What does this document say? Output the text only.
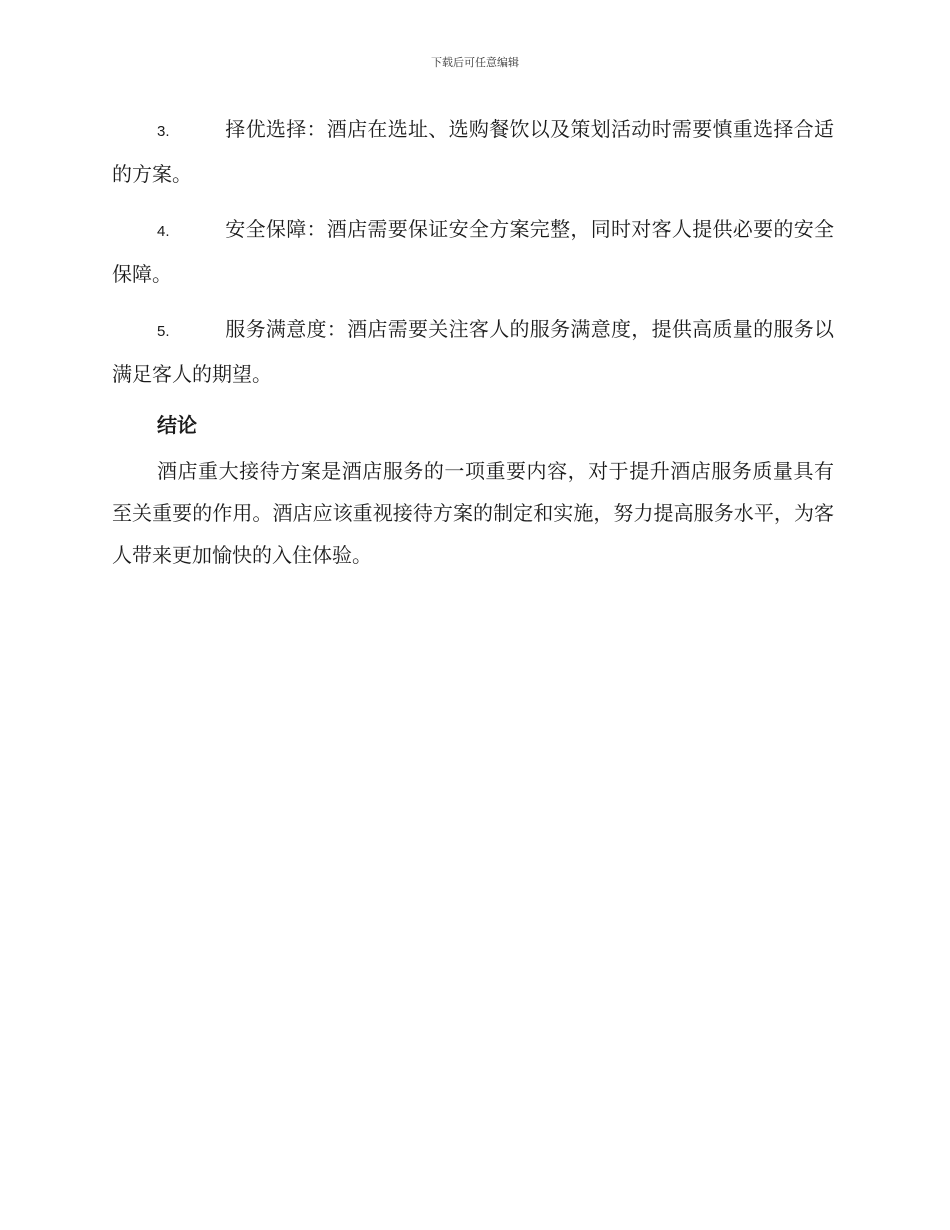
下载后可任意编辑
3.	择优选择：酒店在选址、选购餐饮以及策划活动时需要慎重选择合适的方案。
4.	安全保障：酒店需要保证安全方案完整，同时对客人提供必要的安全保障。
5.	服务满意度：酒店需要关注客人的服务满意度，提供高质量的服务以满足客人的期望。
结论
酒店重大接待方案是酒店服务的一项重要内容，对于提升酒店服务质量具有至关重要的作用。酒店应该重视接待方案的制定和实施，努力提高服务水平，为客人带来更加愉快的入住体验。
